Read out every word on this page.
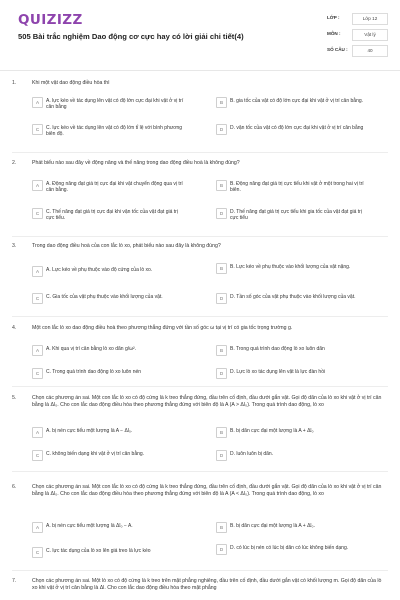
QUIZIZZ
505 Bài trắc nghiệm Dao động cơ cực hay có lời giải chi tiết(4)
LỚP :	Lớp 12
MÔN :	Vật lý
SỐ CÂU :	40
1.	Khi một vật dao động điều hòa thì
A	A. lực kéo về tác dụng lên vật có độ lớn cực đại khi vật ở vị trí cân bằng
B	B. gia tốc của vật có độ lớn cực đại khi vật ở vị trí cân bằng.
C	C. lực kéo về tác dụng lên vật có độ lớn tỉ lệ với bình phương biên độ.
D	D. vận tốc của vật có độ lớn cực đại khi vật ở vị trí cân bằng
2.	Phát biểu nào sau đây về động năng và thế năng trong dao động điều hoà là không đúng?
A	A. Động năng đạt giá trị cực đại khi vật chuyển động qua vị trí cân bằng.
B	B. Động năng đạt giá trị cực tiểu khi vật ở một trong hai vị trí biên.
C	C. Thế năng đạt giá trị cực đại khi vận tốc của vật đạt giá trị cực tiểu.
D	D. Thế năng đạt giá trị cực tiểu khi gia tốc của vật đạt giá trị cực tiểu
3.	Trong dao động điều hoà của con lắc lò xo, phát biểu nào sau đây là không đúng?
A	A. Lực kéo về phụ thuộc vào độ cứng của lò xo.	B	B. Lực kéo về phụ thuộc vào khối lượng của vật nặng.
C	C. Gia tốc của vật phụ thuộc vào khối lượng của vật.	D	D. Tần số góc của vật phụ thuộc vào khối lượng của vật.
4.	Một con lắc lò xo dao động điều hoà theo phương thẳng đứng với tần số góc ω tại vị trí có gia tốc trọng trường g.
A	A. Khi qua vị trí cân bằng lò xo dãn g/ω².	B	B. Trong quá trình dao động lò xo luôn dãn
C	C. Trong quá trình dao động lò xo luôn nén	D	D. Lực lò xo tác dụng lên vật là lực đàn hồi
5.	Chọn các phương án sai. Một con lắc lò xo có độ cứng là k treo thẳng đứng, đầu trên cố định, đầu dưới gắn vật. Gọi độ dãn của lò xo khi vật ở vị trí cân bằng là Δl₀. Cho con lắc dao động điều hòa theo phương thẳng đứng với biên độ là A (A > Δl₀). Trong quá trình dao động, lò xo
A	A. bị nén cực tiểu một lượng là A − Δl₀.	B	B. bị dãn cực đại một lượng là A + Δl₀
C	C. không biến dạng khi vật ở vị trí cân bằng.	D	D. luôn luôn bị dãn.
6.	Chọn các phương án sai. Một con lắc lò xo có độ cứng là k treo thẳng đứng, đầu trên cố định, đầu dưới gắn vật. Gọi độ dãn của lò xo khi vật ở vị trí cân bằng là Δl₀. Cho con lắc dao động điều hòa theo phương thẳng đứng với biên độ là A (A < Δl₀). Trong quá trình dao động, lò xo
A	A. bị nén cực tiểu một lượng là Δl₀ − A.	B	B. bị dãn cực đại một lượng là A + Δl₀.
C	C. lực tác dụng của lò xo lên giá treo là lực kéo	D	D. có lúc bị nén có lúc bị dãn có lúc không biến dạng.
7.	Chọn các phương án sai. Một lò xo có độ cứng là k treo trên mặt phẳng nghiêng, đầu trên cố định, đầu dưới gắn vật có khối lượng m. Gọi độ dãn của lò xo khi vật ở vị trí cân bằng là Δl. Cho con lắc dao động điều hòa theo mặt phẳng
